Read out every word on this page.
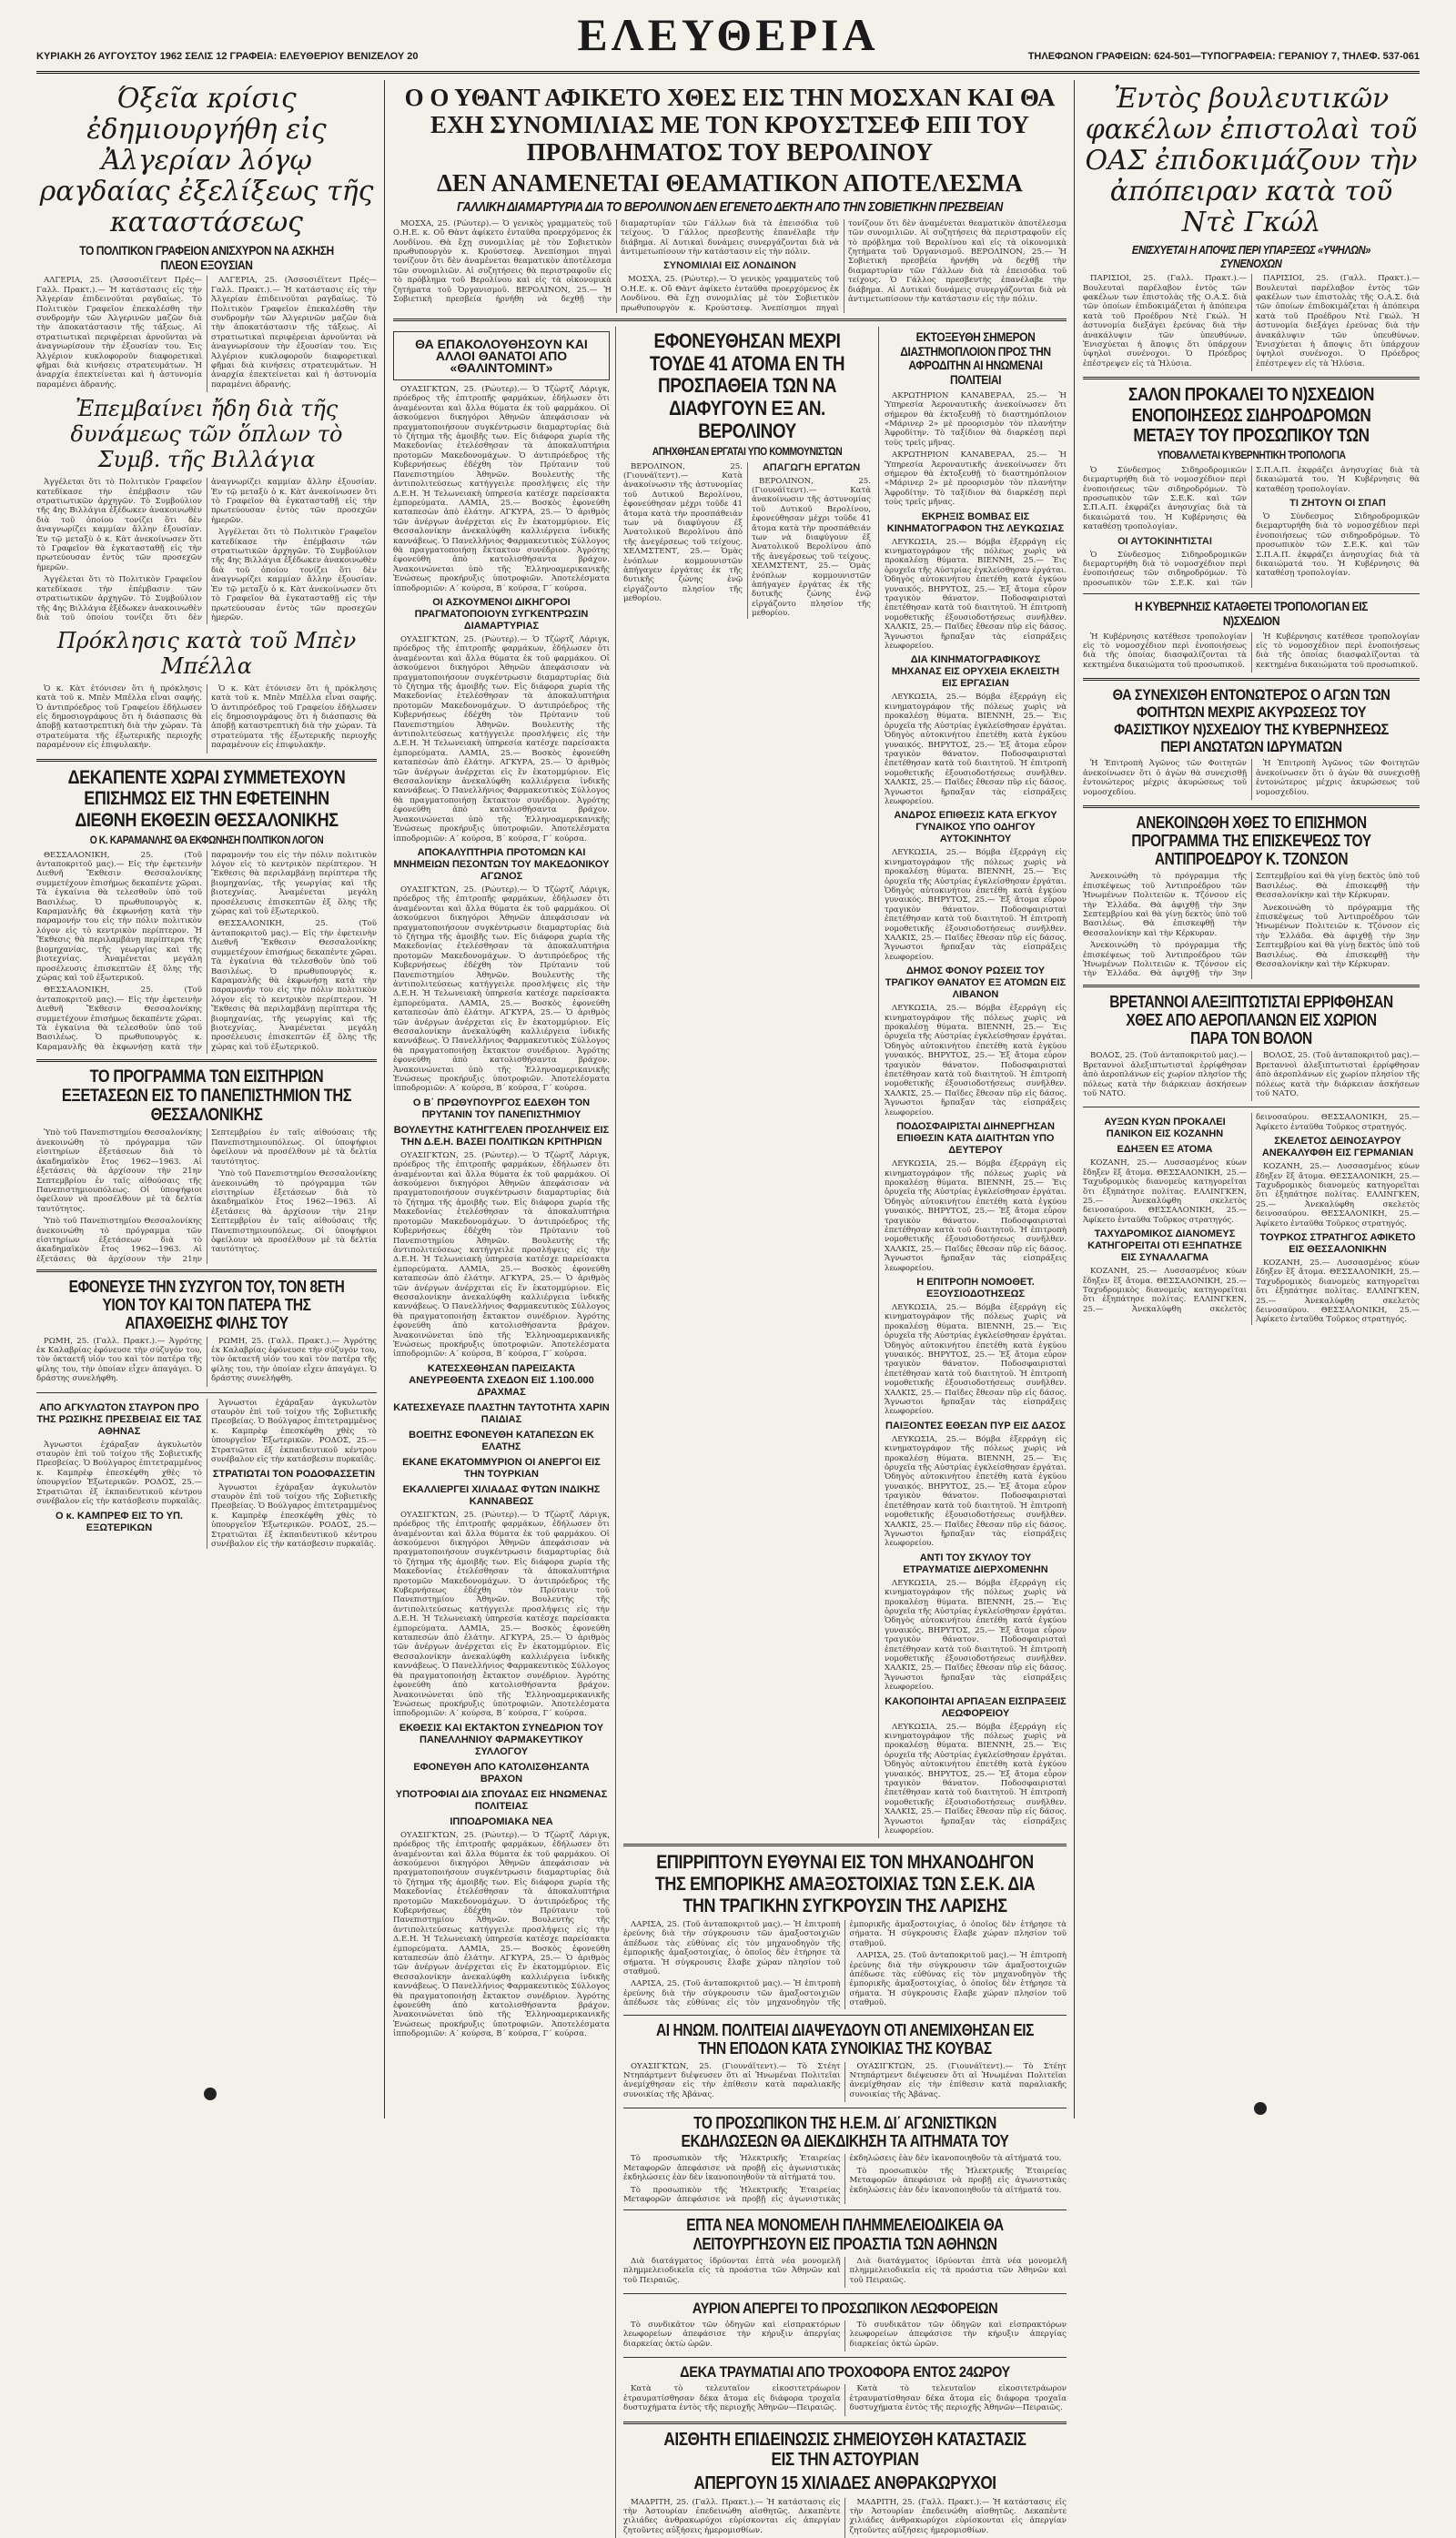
ΚΥΡΙΑΚΗ 26 ΑΥΓΟΥΣΤΟΥ 1962 ΣΕΛΙΣ 12 ΓΡΑΦΕΙΑ: ΕΛΕΥΘΕΡΙΟΥ ΒΕΝΙΖΕΛΟΥ 20	ΕΛΕΥΘΕΡΙΑ	ΤΗΛΕΦΩΝΟΝ ΓΡΑΦΕΙΩΝ: 624-501—ΤΥΠΟΓΡΑΦΕΙΑ: ΓΕΡΑΝΙΟΥ 7, ΤΗΛΕΦ. 537-061
Όξεῖα κρίσις ἐδημιουργήθη εἰς Ἀλγερίαν λόγῳ ραγδαίας ἐξελίξεως τῆς καταστάσεως
ΤΟ ΠΟΛΙΤΙΚΟΝ ΓΡΑΦΕΙΟΝ ΑΝΙΣΧΥΡΟΝ ΝΑ ΑΣΚΗΣΗ ΠΛΕΟΝ ΕΞΟΥΣΙΑΝ

ΑΛΓΕΡΙΑ, 25. (Ἀσσοσιέϊτεντ Πρές—Γαλλ. Πρακτ.).— Ἡ κατάστασις εἰς τὴν Ἀλγερίαν ἐπιδεινοῦται ραγδαίως. Τὸ Πολιτικὸν Γραφεῖον ἐπεκαλέσθη τὴν συνδρομὴν τῶν Ἀλγερινῶν μαζῶν διὰ τὴν ἀποκατάστασιν τῆς τάξεως. Αἱ στρατιωτικαὶ περιφέρειαι ἀρνοῦνται νὰ ἀναγνωρίσουν τὴν ἐξουσίαν του. Ἐις Ἀλγέριον κυκλοφοροῦν διαφορετικαὶ φῆμαι διὰ κινήσεις στρατευμάτων. Ἡ ἀναρχία ἐπεκτείνεται καὶ ἡ ἀστυνομία παραμένει ἀδρανής.

ΑΛΓΕΡΙΑ, 25. (Ἀσσοσιέϊτεντ Πρές—Γαλλ. Πρακτ.).— Ἡ κατάστασις εἰς τὴν Ἀλγερίαν ἐπιδεινοῦται ραγδαίως. Τὸ Πολιτικὸν Γραφεῖον ἐπεκαλέσθη τὴν συνδρομὴν τῶν Ἀλγερινῶν μαζῶν διὰ τὴν ἀποκατάστασιν τῆς τάξεως. Αἱ στρατιωτικαὶ περιφέρειαι ἀρνοῦνται νὰ ἀναγνωρίσουν τὴν ἐξουσίαν του. Ἐις Ἀλγέριον κυκλοφοροῦν διαφορετικαὶ φῆμαι διὰ κινήσεις στρατευμάτων. Ἡ ἀναρχία ἐπεκτείνεται καὶ ἡ ἀστυνομία παραμένει ἀδρανής.

Ἐπεμβαίνει ἤδη διὰ τῆς δυνάμεως τῶν ὅπλων τὸ Συμβ. τῆς Βιλλάγια

Ἀγγέλεται ὅτι τὸ Πολιτικὸν Γραφεῖον κατεδίκασε τὴν ἐπέμβασιν τῶν στρατιωτικῶν ἀρχηγῶν. Τὸ Συμβούλιον τῆς 4ης Βιλλάγια ἐξέδωκεν ἀνακοινωθὲν διὰ τοῦ ὁποίου τονίζει ὅτι δὲν ἀναγνωρίζει καμμίαν ἄλλην ἐξουσίαν. Ἐν τῷ μεταξὺ ὁ κ. Κὰτ ἀνεκοίνωσεν ὅτι τὸ Γραφεῖον θὰ ἐγκατασταθῇ εἰς τὴν πρωτεύουσαν ἐντὸς τῶν προσεχῶν ἡμερῶν.

Ἀγγέλεται ὅτι τὸ Πολιτικὸν Γραφεῖον κατεδίκασε τὴν ἐπέμβασιν τῶν στρατιωτικῶν ἀρχηγῶν. Τὸ Συμβούλιον τῆς 4ης Βιλλάγια ἐξέδωκεν ἀνακοινωθὲν διὰ τοῦ ὁποίου τονίζει ὅτι δὲν ἀναγνωρίζει καμμίαν ἄλλην ἐξουσίαν. Ἐν τῷ μεταξὺ ὁ κ. Κὰτ ἀνεκοίνωσεν ὅτι τὸ Γραφεῖον θὰ ἐγκατασταθῇ εἰς τὴν πρωτεύουσαν ἐντὸς τῶν προσεχῶν ἡμερῶν.

Ἀγγέλεται ὅτι τὸ Πολιτικὸν Γραφεῖον κατεδίκασε τὴν ἐπέμβασιν τῶν στρατιωτικῶν ἀρχηγῶν. Τὸ Συμβούλιον τῆς 4ης Βιλλάγια ἐξέδωκεν ἀνακοινωθὲν διὰ τοῦ ὁποίου τονίζει ὅτι δὲν ἀναγνωρίζει καμμίαν ἄλλην ἐξουσίαν. Ἐν τῷ μεταξὺ ὁ κ. Κὰτ ἀνεκοίνωσεν ὅτι τὸ Γραφεῖον θὰ ἐγκατασταθῇ εἰς τὴν πρωτεύουσαν ἐντὸς τῶν προσεχῶν ἡμερῶν.

Πρόκλησις κατὰ τοῦ Μπὲν Μπέλλα

Ὁ κ. Κὰτ ἐτόνισεν ὅτι ἡ πρόκλησις κατὰ τοῦ κ. Μπὲν Μπέλλα εἶναι σαφής. Ὁ ἀντιπρόεδρος τοῦ Γραφείου ἐδήλωσεν εἰς δημοσιογράφους ὅτι ἡ διάσπασις θὰ ἀποβῇ καταστρεπτικὴ διὰ τὴν χώραν. Τὰ στρατεύματα τῆς ἐξωτερικῆς περιοχῆς παραμένουν εἰς ἐπιφυλακήν.

Ὁ κ. Κὰτ ἐτόνισεν ὅτι ἡ πρόκλησις κατὰ τοῦ κ. Μπὲν Μπέλλα εἶναι σαφής. Ὁ ἀντιπρόεδρος τοῦ Γραφείου ἐδήλωσεν εἰς δημοσιογράφους ὅτι ἡ διάσπασις θὰ ἀποβῇ καταστρεπτικὴ διὰ τὴν χώραν. Τὰ στρατεύματα τῆς ἐξωτερικῆς περιοχῆς παραμένουν εἰς ἐπιφυλακήν.

ΔΕΚΑΠΕΝΤΕ ΧΩΡΑΙ ΣΥΜΜΕΤΕΧΟΥΝ ΕΠΙΣΗΜΩΣ ΕΙΣ ΤΗΝ ΕΦΕΤΕΙΝΗΝ ΔΙΕΘΝΗ ΕΚΘΕΣΙΝ ΘΕΣΣΑΛΟΝΙΚΗΣ
Ο Κ. ΚΑΡΑΜΑΝΛΗΣ ΘΑ ΕΚΦΩΝΗΣΗ ΠΟΛΙΤΙΚΟΝ ΛΟΓΟΝ

ΘΕΣΣΑΛΟΝΙΚΗ, 25. (Τοῦ ἀνταποκριτοῦ μας).— Εἰς τὴν ἐφετεινὴν Διεθνῆ Ἔκθεσιν Θεσσαλονίκης συμμετέχουν ἐπισήμως δεκαπέντε χῶραι. Τὰ ἐγκαίνια θὰ τελεσθοῦν ὑπὸ τοῦ Βασιλέως. Ὁ πρωθυπουργὸς κ. Καραμανλῆς θὰ ἐκφωνήσῃ κατὰ τὴν παραμονήν του εἰς τὴν πόλιν πολιτικὸν λόγον εἰς τὸ κεντρικὸν περίπτερον. Ἡ Ἔκθεσις θὰ περιλαμβάνῃ περίπτερα τῆς βιομηχανίας, τῆς γεωργίας καὶ τῆς βιοτεχνίας. Ἀναμένεται μεγάλη προσέλευσις ἐπισκεπτῶν ἐξ ὅλης τῆς χώρας καὶ τοῦ ἐξωτερικοῦ.

ΘΕΣΣΑΛΟΝΙΚΗ, 25. (Τοῦ ἀνταποκριτοῦ μας).— Εἰς τὴν ἐφετεινὴν Διεθνῆ Ἔκθεσιν Θεσσαλονίκης συμμετέχουν ἐπισήμως δεκαπέντε χῶραι. Τὰ ἐγκαίνια θὰ τελεσθοῦν ὑπὸ τοῦ Βασιλέως. Ὁ πρωθυπουργὸς κ. Καραμανλῆς θὰ ἐκφωνήσῃ κατὰ τὴν παραμονήν του εἰς τὴν πόλιν πολιτικὸν λόγον εἰς τὸ κεντρικὸν περίπτερον. Ἡ Ἔκθεσις θὰ περιλαμβάνῃ περίπτερα τῆς βιομηχανίας, τῆς γεωργίας καὶ τῆς βιοτεχνίας. Ἀναμένεται μεγάλη προσέλευσις ἐπισκεπτῶν ἐξ ὅλης τῆς χώρας καὶ τοῦ ἐξωτερικοῦ.

ΘΕΣΣΑΛΟΝΙΚΗ, 25. (Τοῦ ἀνταποκριτοῦ μας).— Εἰς τὴν ἐφετεινὴν Διεθνῆ Ἔκθεσιν Θεσσαλονίκης συμμετέχουν ἐπισήμως δεκαπέντε χῶραι. Τὰ ἐγκαίνια θὰ τελεσθοῦν ὑπὸ τοῦ Βασιλέως. Ὁ πρωθυπουργὸς κ. Καραμανλῆς θὰ ἐκφωνήσῃ κατὰ τὴν παραμονήν του εἰς τὴν πόλιν πολιτικὸν λόγον εἰς τὸ κεντρικὸν περίπτερον. Ἡ Ἔκθεσις θὰ περιλαμβάνῃ περίπτερα τῆς βιομηχανίας, τῆς γεωργίας καὶ τῆς βιοτεχνίας. Ἀναμένεται μεγάλη προσέλευσις ἐπισκεπτῶν ἐξ ὅλης τῆς χώρας καὶ τοῦ ἐξωτερικοῦ.

ΤΟ ΠΡΟΓΡΑΜΜΑ ΤΩΝ ΕΙΣΙΤΗΡΙΩΝ ΕΞΕΤΑΣΕΩΝ ΕΙΣ ΤΟ ΠΑΝΕΠΙΣΤΗΜΙΟΝ ΤΗΣ ΘΕΣΣΑΛΟΝΙΚΗΣ

Ὑπὸ τοῦ Πανεπιστημίου Θεσσαλονίκης ἀνεκοινώθη τὸ πρόγραμμα τῶν εἰσιτηρίων ἐξετάσεων διὰ τὸ ἀκαδημαϊκὸν ἔτος 1962—1963. Αἱ ἐξετάσεις θὰ ἀρχίσουν τὴν 21ην Σεπτεμβρίου ἐν ταῖς αἰθούσαις τῆς Πανεπιστημιουπόλεως. Οἱ ὑποψήφιοι ὀφείλουν νὰ προσέλθουν μὲ τὰ δελτία ταυτότητος.

Ὑπὸ τοῦ Πανεπιστημίου Θεσσαλονίκης ἀνεκοινώθη τὸ πρόγραμμα τῶν εἰσιτηρίων ἐξετάσεων διὰ τὸ ἀκαδημαϊκὸν ἔτος 1962—1963. Αἱ ἐξετάσεις θὰ ἀρχίσουν τὴν 21ην Σεπτεμβρίου ἐν ταῖς αἰθούσαις τῆς Πανεπιστημιουπόλεως. Οἱ ὑποψήφιοι ὀφείλουν νὰ προσέλθουν μὲ τὰ δελτία ταυτότητος.

Ὑπὸ τοῦ Πανεπιστημίου Θεσσαλονίκης ἀνεκοινώθη τὸ πρόγραμμα τῶν εἰσιτηρίων ἐξετάσεων διὰ τὸ ἀκαδημαϊκὸν ἔτος 1962—1963. Αἱ ἐξετάσεις θὰ ἀρχίσουν τὴν 21ην Σεπτεμβρίου ἐν ταῖς αἰθούσαις τῆς Πανεπιστημιουπόλεως. Οἱ ὑποψήφιοι ὀφείλουν νὰ προσέλθουν μὲ τὰ δελτία ταυτότητος.

ΕΦΟΝΕΥΣΕ ΤΗΝ ΣΥΖΥΓΟΝ ΤΟΥ, ΤΟΝ 8ΕΤΗ ΥΙΟΝ ΤΟΥ ΚΑΙ ΤΟΝ ΠΑΤΕΡΑ ΤΗΣ ΑΠΑΧΘΕΙΣΗΣ ΦΙΛΗΣ ΤΟΥ

ΡΩΜΗ, 25. (Γαλλ. Πρακτ.).— Ἀγρότης ἐκ Καλαβρίας ἐφόνευσε τὴν σύζυγόν του, τὸν ὀκταετῆ υἱόν του καὶ τὸν πατέρα τῆς φίλης του, τὴν ὁποίαν εἶχεν ἀπαγάγει. Ὁ δράστης συνελήφθη.

ΡΩΜΗ, 25. (Γαλλ. Πρακτ.).— Ἀγρότης ἐκ Καλαβρίας ἐφόνευσε τὴν σύζυγόν του, τὸν ὀκταετῆ υἱόν του καὶ τὸν πατέρα τῆς φίλης του, τὴν ὁποίαν εἶχεν ἀπαγάγει. Ὁ δράστης συνελήφθη.

ΑΠΟ ΑΓΚΥΛΩΤΟΝ ΣΤΑΥΡΟΝ ΠΡΟ ΤΗΣ ΡΩΣΙΚΗΣ ΠΡΕΣΒΕΙΑΣ ΕΙΣ ΤΑΣ ΑΘΗΝΑΣ

Ἀγνωστοι ἐχάραξαν ἀγκυλωτὸν σταυρὸν ἐπὶ τοῦ τοίχου τῆς Σοβιετικῆς Πρεσβείας. Ὁ Βούλγαρος ἐπιτετραμμένος κ. Καμπρὲφ ἐπεσκέφθη χθὲς τὸ ὑπουργεῖον Ἐξωτερικῶν. ΡΟΔΟΣ, 25.— Στρατιῶται ἐξ ἐκπαιδευτικοῦ κέντρου συνέβαλον εἰς τὴν κατάσβεσιν πυρκαϊᾶς.

Ο κ. ΚΑΜΠΡΕΦ ΕΙΣ ΤΟ ΥΠ. ΕΞΩΤΕΡΙΚΩΝ

Ἀγνωστοι ἐχάραξαν ἀγκυλωτὸν σταυρὸν ἐπὶ τοῦ τοίχου τῆς Σοβιετικῆς Πρεσβείας. Ὁ Βούλγαρος ἐπιτετραμμένος κ. Καμπρὲφ ἐπεσκέφθη χθὲς τὸ ὑπουργεῖον Ἐξωτερικῶν. ΡΟΔΟΣ, 25.— Στρατιῶται ἐξ ἐκπαιδευτικοῦ κέντρου συνέβαλον εἰς τὴν κατάσβεσιν πυρκαϊᾶς.

ΣΤΡΑΤΙΩΤΑΙ ΤΟΝ ΡΟΔΟΦΑΣΣΕΤΙΝ

Ἀγνωστοι ἐχάραξαν ἀγκυλωτὸν σταυρὸν ἐπὶ τοῦ τοίχου τῆς Σοβιετικῆς Πρεσβείας. Ὁ Βούλγαρος ἐπιτετραμμένος κ. Καμπρὲφ ἐπεσκέφθη χθὲς τὸ ὑπουργεῖον Ἐξωτερικῶν. ΡΟΔΟΣ, 25.— Στρατιῶται ἐξ ἐκπαιδευτικοῦ κέντρου συνέβαλον εἰς τὴν κατάσβεσιν πυρκαϊᾶς.

Ο Ο ΥΘΑΝΤ ΑΦΙΚΕΤΟ ΧΘΕΣ ΕΙΣ ΤΗΝ ΜΟΣΧΑΝ ΚΑΙ ΘΑ ΕΧΗ ΣΥΝΟΜΙΛΙΑΣ ΜΕ ΤΟΝ ΚΡΟΥΣΤΣΕΦ ΕΠΙ ΤΟΥ ΠΡΟΒΛΗΜΑΤΟΣ ΤΟΥ ΒΕΡΟΛΙΝΟΥ
ΔΕΝ ΑΝΑΜΕΝΕΤΑΙ ΘΕΑΜΑΤΙΚΟΝ ΑΠΟΤΕΛΕΣΜΑ
ΓΑΛΛΙΚΗ ΔΙΑΜΑΡΤΥΡΙΑ ΔΙΑ ΤΟ ΒΕΡΟΛΙΝΟΝ ΔΕΝ ΕΓΕΝΕΤΟ ΔΕΚΤΗ ΑΠΟ ΤΗΝ ΣΟΒΙΕΤΙΚΗΝ ΠΡΕΣΒΕΙΑΝ

ΜΟΣΧΑ, 25. (Ρώυτερ).— Ὁ γενικὸς γραμματεὺς τοῦ Ο.Η.Ε. κ. Οὔ Θὰντ ἀφίκετο ἐνταῦθα προερχόμενος ἐκ Λονδίνου. Θὰ ἔχῃ συνομιλίας μὲ τὸν Σοβιετικὸν πρωθυπουργὸν κ. Κρούστσεφ. Ἀνεπίσημοι πηγαὶ τονίζουν ὅτι δὲν ἀναμένεται θεαματικὸν ἀποτέλεσμα τῶν συνομιλιῶν. Αἱ συζητήσεις θὰ περιστραφοῦν εἰς τὸ πρόβλημα τοῦ Βερολίνου καὶ εἰς τὰ οἰκονομικὰ ζητήματα τοῦ Ὀργανισμοῦ. ΒΕΡΟΛΙΝΟΝ, 25.— Ἡ Σοβιετικὴ πρεσβεία ἠρνήθη νὰ δεχθῇ τὴν διαμαρτυρίαν τῶν Γάλλων διὰ τὰ ἐπεισόδια τοῦ τείχους. Ὁ Γάλλος πρεσβευτὴς ἐπανέλαβε τὴν διάβημα. Αἱ Δυτικαὶ δυνάμεις συνεργάζονται διὰ νὰ ἀντιμετωπίσουν τὴν κατάστασιν εἰς τὴν πόλιν.

ΣΥΝΟΜΙΛΙΑΙ ΕΙΣ ΛΟΝΔΙΝΟΝ

ΜΟΣΧΑ, 25. (Ρώυτερ).— Ὁ γενικὸς γραμματεὺς τοῦ Ο.Η.Ε. κ. Οὔ Θὰντ ἀφίκετο ἐνταῦθα προερχόμενος ἐκ Λονδίνου. Θὰ ἔχῃ συνομιλίας μὲ τὸν Σοβιετικὸν πρωθυπουργὸν κ. Κρούστσεφ. Ἀνεπίσημοι πηγαὶ τονίζουν ὅτι δὲν ἀναμένεται θεαματικὸν ἀποτέλεσμα τῶν συνομιλιῶν. Αἱ συζητήσεις θὰ περιστραφοῦν εἰς τὸ πρόβλημα τοῦ Βερολίνου καὶ εἰς τὰ οἰκονομικὰ ζητήματα τοῦ Ὀργανισμοῦ. ΒΕΡΟΛΙΝΟΝ, 25.— Ἡ Σοβιετικὴ πρεσβεία ἠρνήθη νὰ δεχθῇ τὴν διαμαρτυρίαν τῶν Γάλλων διὰ τὰ ἐπεισόδια τοῦ τείχους. Ὁ Γάλλος πρεσβευτὴς ἐπανέλαβε τὴν διάβημα. Αἱ Δυτικαὶ δυνάμεις συνεργάζονται διὰ νὰ ἀντιμετωπίσουν τὴν κατάστασιν εἰς τὴν πόλιν.

ΘΑ ΕΠΑΚΟΛΟΥΘΗΣΟΥΝ ΚΑΙ ΑΛΛΟΙ ΘΑΝΑΤΟΙ ΑΠΟ «ΘΑΛΙΝΤΟΜΙΝΤ»

ΟΥΑΣΙΓΚΤΩΝ, 25. (Ρώυτερ).— Ὁ Τζὼρτζ Λάριγκ, πρόεδρος τῆς ἐπιτροπῆς φαρμάκων, ἐδήλωσεν ὅτι ἀναμένονται καὶ ἄλλα θύματα ἐκ τοῦ φαρμάκου. Οἱ ἀσκούμενοι δικηγόροι Ἀθηνῶν ἀπεφάσισαν νὰ πραγματοποιήσουν συγκέντρωσιν διαμαρτυρίας διὰ τὸ ζήτημα τῆς ἀμοιβῆς των. Εἰς διάφορα χωρία τῆς Μακεδονίας ἐτελέσθησαν τὰ ἀποκαλυπτήρια προτομῶν Μακεδονομάχων. Ὁ ἀντιπρόεδρος τῆς Κυβερνήσεως ἐδέχθη τὸν Πρύτανιν τοῦ Πανεπιστημίου Ἀθηνῶν. Βουλευτὴς τῆς ἀντιπολιτεύσεως κατήγγειλε προσλήψεις εἰς τὴν Δ.Ε.Η. Ἡ Τελωνειακὴ ὑπηρεσία κατέσχε παρείσακτα ἐμπορεύματα. ΛΑΜΙΑ, 25.— Βοσκὸς ἐφονεύθη καταπεσὼν ἀπὸ ἐλάτην. ΑΓΚΥΡΑ, 25.— Ὁ ἀριθμὸς τῶν ἀνέργων ἀνέρχεται εἰς ἓν ἑκατομμύριον. Εἰς Θεσσαλονίκην ἀνεκαλύφθη καλλιέργεια ἰνδικῆς καννάβεως. Ὁ Πανελλήνιος Φαρμακευτικὸς Σύλλογος θὰ πραγματοποιήσῃ ἔκτακτον συνέδριον. Ἀγρότης ἐφονεύθη ἀπὸ κατολισθήσαντα βράχον. Ἀνακοινώνεται ὑπὸ τῆς Ἑλληνοαμερικανικῆς Ἐνώσεως προκήρυξις ὑποτροφιῶν. Ἀποτελέσματα ἱπποδρομιῶν: Α΄ κούρσα, Β΄ κούρσα, Γ΄ κούρσα.

ΟΙ ΑΣΚΟΥΜΕΝΟΙ ΔΙΚΗΓΟΡΟΙ ΠΡΑΓΜΑΤΟΠΟΙΟΥΝ ΣΥΓΚΕΝΤΡΩΣΙΝ ΔΙΑΜΑΡΤΥΡΙΑΣ

ΟΥΑΣΙΓΚΤΩΝ, 25. (Ρώυτερ).— Ὁ Τζὼρτζ Λάριγκ, πρόεδρος τῆς ἐπιτροπῆς φαρμάκων, ἐδήλωσεν ὅτι ἀναμένονται καὶ ἄλλα θύματα ἐκ τοῦ φαρμάκου. Οἱ ἀσκούμενοι δικηγόροι Ἀθηνῶν ἀπεφάσισαν νὰ πραγματοποιήσουν συγκέντρωσιν διαμαρτυρίας διὰ τὸ ζήτημα τῆς ἀμοιβῆς των. Εἰς διάφορα χωρία τῆς Μακεδονίας ἐτελέσθησαν τὰ ἀποκαλυπτήρια προτομῶν Μακεδονομάχων. Ὁ ἀντιπρόεδρος τῆς Κυβερνήσεως ἐδέχθη τὸν Πρύτανιν τοῦ Πανεπιστημίου Ἀθηνῶν. Βουλευτὴς τῆς ἀντιπολιτεύσεως κατήγγειλε προσλήψεις εἰς τὴν Δ.Ε.Η. Ἡ Τελωνειακὴ ὑπηρεσία κατέσχε παρείσακτα ἐμπορεύματα. ΛΑΜΙΑ, 25.— Βοσκὸς ἐφονεύθη καταπεσὼν ἀπὸ ἐλάτην. ΑΓΚΥΡΑ, 25.— Ὁ ἀριθμὸς τῶν ἀνέργων ἀνέρχεται εἰς ἓν ἑκατομμύριον. Εἰς Θεσσαλονίκην ἀνεκαλύφθη καλλιέργεια ἰνδικῆς καννάβεως. Ὁ Πανελλήνιος Φαρμακευτικὸς Σύλλογος θὰ πραγματοποιήσῃ ἔκτακτον συνέδριον. Ἀγρότης ἐφονεύθη ἀπὸ κατολισθήσαντα βράχον. Ἀνακοινώνεται ὑπὸ τῆς Ἑλληνοαμερικανικῆς Ἐνώσεως προκήρυξις ὑποτροφιῶν. Ἀποτελέσματα ἱπποδρομιῶν: Α΄ κούρσα, Β΄ κούρσα, Γ΄ κούρσα.

ΑΠΟΚΑΛΥΠΤΗΡΙΑ ΠΡΟΤΟΜΩΝ ΚΑΙ ΜΝΗΜΕΙΩΝ ΠΕΣΟΝΤΩΝ ΤΟΥ ΜΑΚΕΔΟΝΙΚΟΥ ΑΓΩΝΟΣ

ΟΥΑΣΙΓΚΤΩΝ, 25. (Ρώυτερ).— Ὁ Τζὼρτζ Λάριγκ, πρόεδρος τῆς ἐπιτροπῆς φαρμάκων, ἐδήλωσεν ὅτι ἀναμένονται καὶ ἄλλα θύματα ἐκ τοῦ φαρμάκου. Οἱ ἀσκούμενοι δικηγόροι Ἀθηνῶν ἀπεφάσισαν νὰ πραγματοποιήσουν συγκέντρωσιν διαμαρτυρίας διὰ τὸ ζήτημα τῆς ἀμοιβῆς των. Εἰς διάφορα χωρία τῆς Μακεδονίας ἐτελέσθησαν τὰ ἀποκαλυπτήρια προτομῶν Μακεδονομάχων. Ὁ ἀντιπρόεδρος τῆς Κυβερνήσεως ἐδέχθη τὸν Πρύτανιν τοῦ Πανεπιστημίου Ἀθηνῶν. Βουλευτὴς τῆς ἀντιπολιτεύσεως κατήγγειλε προσλήψεις εἰς τὴν Δ.Ε.Η. Ἡ Τελωνειακὴ ὑπηρεσία κατέσχε παρείσακτα ἐμπορεύματα. ΛΑΜΙΑ, 25.— Βοσκὸς ἐφονεύθη καταπεσὼν ἀπὸ ἐλάτην. ΑΓΚΥΡΑ, 25.— Ὁ ἀριθμὸς τῶν ἀνέργων ἀνέρχεται εἰς ἓν ἑκατομμύριον. Εἰς Θεσσαλονίκην ἀνεκαλύφθη καλλιέργεια ἰνδικῆς καννάβεως. Ὁ Πανελλήνιος Φαρμακευτικὸς Σύλλογος θὰ πραγματοποιήσῃ ἔκτακτον συνέδριον. Ἀγρότης ἐφονεύθη ἀπὸ κατολισθήσαντα βράχον. Ἀνακοινώνεται ὑπὸ τῆς Ἑλληνοαμερικανικῆς Ἐνώσεως προκήρυξις ὑποτροφιῶν. Ἀποτελέσματα ἱπποδρομιῶν: Α΄ κούρσα, Β΄ κούρσα, Γ΄ κούρσα.

Ο Β΄ ΠΡΩΘΥΠΟΥΡΓΟΣ ΕΔΕΧΘΗ ΤΟΝ ΠΡΥΤΑΝΙΝ ΤΟΥ ΠΑΝΕΠΙΣΤΗΜΙΟΥ
ΒΟΥΛΕΥΤΗΣ ΚΑΤΗΓΓΕΛΕΝ ΠΡΟΣΛΗΨΕΙΣ ΕΙΣ ΤΗΝ Δ.Ε.Η. ΒΑΣΕΙ ΠΟΛΙΤΙΚΩΝ ΚΡΙΤΗΡΙΩΝ

ΟΥΑΣΙΓΚΤΩΝ, 25. (Ρώυτερ).— Ὁ Τζὼρτζ Λάριγκ, πρόεδρος τῆς ἐπιτροπῆς φαρμάκων, ἐδήλωσεν ὅτι ἀναμένονται καὶ ἄλλα θύματα ἐκ τοῦ φαρμάκου. Οἱ ἀσκούμενοι δικηγόροι Ἀθηνῶν ἀπεφάσισαν νὰ πραγματοποιήσουν συγκέντρωσιν διαμαρτυρίας διὰ τὸ ζήτημα τῆς ἀμοιβῆς των. Εἰς διάφορα χωρία τῆς Μακεδονίας ἐτελέσθησαν τὰ ἀποκαλυπτήρια προτομῶν Μακεδονομάχων. Ὁ ἀντιπρόεδρος τῆς Κυβερνήσεως ἐδέχθη τὸν Πρύτανιν τοῦ Πανεπιστημίου Ἀθηνῶν. Βουλευτὴς τῆς ἀντιπολιτεύσεως κατήγγειλε προσλήψεις εἰς τὴν Δ.Ε.Η. Ἡ Τελωνειακὴ ὑπηρεσία κατέσχε παρείσακτα ἐμπορεύματα. ΛΑΜΙΑ, 25.— Βοσκὸς ἐφονεύθη καταπεσὼν ἀπὸ ἐλάτην. ΑΓΚΥΡΑ, 25.— Ὁ ἀριθμὸς τῶν ἀνέργων ἀνέρχεται εἰς ἓν ἑκατομμύριον. Εἰς Θεσσαλονίκην ἀνεκαλύφθη καλλιέργεια ἰνδικῆς καννάβεως. Ὁ Πανελλήνιος Φαρμακευτικὸς Σύλλογος θὰ πραγματοποιήσῃ ἔκτακτον συνέδριον. Ἀγρότης ἐφονεύθη ἀπὸ κατολισθήσαντα βράχον. Ἀνακοινώνεται ὑπὸ τῆς Ἑλληνοαμερικανικῆς Ἐνώσεως προκήρυξις ὑποτροφιῶν. Ἀποτελέσματα ἱπποδρομιῶν: Α΄ κούρσα, Β΄ κούρσα, Γ΄ κούρσα.

ΚΑΤΕΣΧΕΘΗΣΑΝ ΠΑΡΕΙΣΑΚΤΑ ΑΝΕΥΡΕΘΕΝΤΑ ΣΧΕΔΟΝ ΕΙΣ 1.100.000 ΔΡΑΧΜΑΣ
ΚΑΤΕΣΧΕΥΑΣΕ ΠΛΑΣΤΗΝ ΤΑΥΤΟΤΗΤΑ ΧΑΡΙΝ ΠΑΙΔΙΑΣ
ΒΟΕΙΤΗΣ ΕΦΟΝΕΥΘΗ ΚΑΤΑΠΕΣΩΝ ΕΚ ΕΛΑΤΗΣ
ΕΚΑΝΕ ΕΚΑΤΟΜΜΥΡΙΟΝ ΟΙ ΑΝΕΡΓΟΙ ΕΙΣ ΤΗΝ ΤΟΥΡΚΙΑΝ
ΕΚΑΛΛΙΕΡΓΕΙ ΧΙΛΙΑΔΑΣ ΦΥΤΩΝ ΙΝΔΙΚΗΣ ΚΑΝΝΑΒΕΩΣ

ΟΥΑΣΙΓΚΤΩΝ, 25. (Ρώυτερ).— Ὁ Τζὼρτζ Λάριγκ, πρόεδρος τῆς ἐπιτροπῆς φαρμάκων, ἐδήλωσεν ὅτι ἀναμένονται καὶ ἄλλα θύματα ἐκ τοῦ φαρμάκου. Οἱ ἀσκούμενοι δικηγόροι Ἀθηνῶν ἀπεφάσισαν νὰ πραγματοποιήσουν συγκέντρωσιν διαμαρτυρίας διὰ τὸ ζήτημα τῆς ἀμοιβῆς των. Εἰς διάφορα χωρία τῆς Μακεδονίας ἐτελέσθησαν τὰ ἀποκαλυπτήρια προτομῶν Μακεδονομάχων. Ὁ ἀντιπρόεδρος τῆς Κυβερνήσεως ἐδέχθη τὸν Πρύτανιν τοῦ Πανεπιστημίου Ἀθηνῶν. Βουλευτὴς τῆς ἀντιπολιτεύσεως κατήγγειλε προσλήψεις εἰς τὴν Δ.Ε.Η. Ἡ Τελωνειακὴ ὑπηρεσία κατέσχε παρείσακτα ἐμπορεύματα. ΛΑΜΙΑ, 25.— Βοσκὸς ἐφονεύθη καταπεσὼν ἀπὸ ἐλάτην. ΑΓΚΥΡΑ, 25.— Ὁ ἀριθμὸς τῶν ἀνέργων ἀνέρχεται εἰς ἓν ἑκατομμύριον. Εἰς Θεσσαλονίκην ἀνεκαλύφθη καλλιέργεια ἰνδικῆς καννάβεως. Ὁ Πανελλήνιος Φαρμακευτικὸς Σύλλογος θὰ πραγματοποιήσῃ ἔκτακτον συνέδριον. Ἀγρότης ἐφονεύθη ἀπὸ κατολισθήσαντα βράχον. Ἀνακοινώνεται ὑπὸ τῆς Ἑλληνοαμερικανικῆς Ἐνώσεως προκήρυξις ὑποτροφιῶν. Ἀποτελέσματα ἱπποδρομιῶν: Α΄ κούρσα, Β΄ κούρσα, Γ΄ κούρσα.

ΕΚΘΕΣΙΣ ΚΑΙ ΕΚΤΑΚΤΟΝ ΣΥΝΕΔΡΙΟΝ ΤΟΥ ΠΑΝΕΛΛΗΝΙΟΥ ΦΑΡΜΑΚΕΥΤΙΚΟΥ ΣΥΛΛΟΓΟΥ
ΕΦΟΝΕΥΘΗ ΑΠΟ ΚΑΤΟΛΙΣΘΗΣΑΝΤΑ ΒΡΑΧΟΝ
ΥΠΟΤΡΟΦΙΑΙ ΔΙΑ ΣΠΟΥΔΑΣ ΕΙΣ ΗΝΩΜΕΝΑΣ ΠΟΛΙΤΕΙΑΣ
ΙΠΠΟΔΡΟΜΙΑΚΑ ΝΕΑ

ΟΥΑΣΙΓΚΤΩΝ, 25. (Ρώυτερ).— Ὁ Τζὼρτζ Λάριγκ, πρόεδρος τῆς ἐπιτροπῆς φαρμάκων, ἐδήλωσεν ὅτι ἀναμένονται καὶ ἄλλα θύματα ἐκ τοῦ φαρμάκου. Οἱ ἀσκούμενοι δικηγόροι Ἀθηνῶν ἀπεφάσισαν νὰ πραγματοποιήσουν συγκέντρωσιν διαμαρτυρίας διὰ τὸ ζήτημα τῆς ἀμοιβῆς των. Εἰς διάφορα χωρία τῆς Μακεδονίας ἐτελέσθησαν τὰ ἀποκαλυπτήρια προτομῶν Μακεδονομάχων. Ὁ ἀντιπρόεδρος τῆς Κυβερνήσεως ἐδέχθη τὸν Πρύτανιν τοῦ Πανεπιστημίου Ἀθηνῶν. Βουλευτὴς τῆς ἀντιπολιτεύσεως κατήγγειλε προσλήψεις εἰς τὴν Δ.Ε.Η. Ἡ Τελωνειακὴ ὑπηρεσία κατέσχε παρείσακτα ἐμπορεύματα. ΛΑΜΙΑ, 25.— Βοσκὸς ἐφονεύθη καταπεσὼν ἀπὸ ἐλάτην. ΑΓΚΥΡΑ, 25.— Ὁ ἀριθμὸς τῶν ἀνέργων ἀνέρχεται εἰς ἓν ἑκατομμύριον. Εἰς Θεσσαλονίκην ἀνεκαλύφθη καλλιέργεια ἰνδικῆς καννάβεως. Ὁ Πανελλήνιος Φαρμακευτικὸς Σύλλογος θὰ πραγματοποιήσῃ ἔκτακτον συνέδριον. Ἀγρότης ἐφονεύθη ἀπὸ κατολισθήσαντα βράχον. Ἀνακοινώνεται ὑπὸ τῆς Ἑλληνοαμερικανικῆς Ἐνώσεως προκήρυξις ὑποτροφιῶν. Ἀποτελέσματα ἱπποδρομιῶν: Α΄ κούρσα, Β΄ κούρσα, Γ΄ κούρσα.

ΕΦΟΝΕΥΘΗΣΑΝ ΜΕΧΡΙ ΤΟΥΔΕ 41 ΑΤΟΜΑ ΕΝ ΤΗ ΠΡΟΣΠΑΘΕΙΑ ΤΩΝ ΝΑ ΔΙΑΦΥΓΟΥΝ ΕΞ ΑΝ. ΒΕΡΟΛΙΝΟΥ
ΑΠΗΧΘΗΣΑΝ ΕΡΓΑΤΑΙ ΥΠΟ ΚΟΜΜΟΥΝΙΣΤΩΝ

ΒΕΡΟΛΙΝΟΝ, 25. (Γιουνάϊτεντ).— Κατὰ ἀνακοίνωσιν τῆς ἀστυνομίας τοῦ Δυτικοῦ Βερολίνου, ἐφονεύθησαν μέχρι τοῦδε 41 ἄτομα κατὰ τὴν προσπάθειάν των νὰ διαφύγουν ἐξ Ἀνατολικοῦ Βερολίνου ἀπὸ τῆς ἀνεγέρσεως τοῦ τείχους. ΧΕΛΜΣΤΕΝΤ, 25.— Ὁμὰς ἐνόπλων κομμουνιστῶν ἀπήγαγεν ἐργάτας ἐκ τῆς δυτικῆς ζώνης ἐνῷ εἰργάζοντο πλησίον τῆς μεθορίου.

ΑΠΑΓΩΓΗ ΕΡΓΑΤΩΝ

ΒΕΡΟΛΙΝΟΝ, 25. (Γιουνάϊτεντ).— Κατὰ ἀνακοίνωσιν τῆς ἀστυνομίας τοῦ Δυτικοῦ Βερολίνου, ἐφονεύθησαν μέχρι τοῦδε 41 ἄτομα κατὰ τὴν προσπάθειάν των νὰ διαφύγουν ἐξ Ἀνατολικοῦ Βερολίνου ἀπὸ τῆς ἀνεγέρσεως τοῦ τείχους. ΧΕΛΜΣΤΕΝΤ, 25.— Ὁμὰς ἐνόπλων κομμουνιστῶν ἀπήγαγεν ἐργάτας ἐκ τῆς δυτικῆς ζώνης ἐνῷ εἰργάζοντο πλησίον τῆς μεθορίου.

ΕΚΤΟΞΕΥΘΗ ΣΗΜΕΡΟΝ ΔΙΑΣΤΗΜΟΠΛΟΙΟΝ ΠΡΟΣ ΤΗΝ ΑΦΡΟΔΙΤΗΝ ΑΙ ΗΝΩΜΕΝΑΙ ΠΟΛΙΤΕΙΑΙ

ΑΚΡΩΤΗΡΙΟΝ ΚΑΝΑΒΕΡΑΛ, 25.— Ἡ Ὑπηρεσία Ἀεροναυτικῆς ἀνεκοίνωσεν ὅτι σήμερον θὰ ἐκτοξευθῇ τὸ διαστημόπλοιον «Μάρινερ 2» μὲ προορισμὸν τὸν πλανήτην Ἀφροδίτην. Τὸ ταξίδιον θὰ διαρκέσῃ περὶ τοὺς τρεῖς μῆνας.

ΑΚΡΩΤΗΡΙΟΝ ΚΑΝΑΒΕΡΑΛ, 25.— Ἡ Ὑπηρεσία Ἀεροναυτικῆς ἀνεκοίνωσεν ὅτι σήμερον θὰ ἐκτοξευθῇ τὸ διαστημόπλοιον «Μάρινερ 2» μὲ προορισμὸν τὸν πλανήτην Ἀφροδίτην. Τὸ ταξίδιον θὰ διαρκέσῃ περὶ τοὺς τρεῖς μῆνας.

ΕΚΡΗΞΙΣ ΒΟΜΒΑΣ ΕΙΣ ΚΙΝΗΜΑΤΟΓΡΑΦΟΝ ΤΗΣ ΛΕΥΚΩΣΙΑΣ

ΛΕΥΚΩΣΙΑ, 25.— Βόμβα ἐξερράγη εἰς κινηματογράφον τῆς πόλεως χωρὶς νὰ προκαλέσῃ θύματα. ΒΙΕΝΝΗ, 25.— Ἐις ὀρυχεῖα τῆς Αὐστρίας ἐγκλείσθησαν ἐργάται. Ὁδηγὸς αὐτοκινήτου ἐπετέθη κατὰ ἐγκύου γυναικός. ΒΗΡΥΤΟΣ, 25.— Ἐξ ἄτομα εὗρον τραγικὸν θάνατον. Ποδοσφαιρισταὶ ἐπετέθησαν κατὰ τοῦ διαιτητοῦ. Ἡ ἐπιτροπὴ νομοθετικῆς ἐξουσιοδοτήσεως συνῆλθεν. ΧΑΛΚΙΣ, 25.— Παῖδες ἔθεσαν πῦρ εἰς δάσος. Ἄγνωστοι ἥρπαξαν τὰς εἰσπράξεις λεωφορείου.

ΔΙΑ ΚΙΝΗΜΑΤΟΓΡΑΦΙΚΟΥΣ ΜΗΧΑΝΑΣ ΕΙΣ ΟΡΥΧΕΙΑ ΕΚΛΕΙΣΤΗ ΕΙΣ ΕΡΓΑΣΙΑΝ

ΛΕΥΚΩΣΙΑ, 25.— Βόμβα ἐξερράγη εἰς κινηματογράφον τῆς πόλεως χωρὶς νὰ προκαλέσῃ θύματα. ΒΙΕΝΝΗ, 25.— Ἐις ὀρυχεῖα τῆς Αὐστρίας ἐγκλείσθησαν ἐργάται. Ὁδηγὸς αὐτοκινήτου ἐπετέθη κατὰ ἐγκύου γυναικός. ΒΗΡΥΤΟΣ, 25.— Ἐξ ἄτομα εὗρον τραγικὸν θάνατον. Ποδοσφαιρισταὶ ἐπετέθησαν κατὰ τοῦ διαιτητοῦ. Ἡ ἐπιτροπὴ νομοθετικῆς ἐξουσιοδοτήσεως συνῆλθεν. ΧΑΛΚΙΣ, 25.— Παῖδες ἔθεσαν πῦρ εἰς δάσος. Ἄγνωστοι ἥρπαξαν τὰς εἰσπράξεις λεωφορείου.

ΑΝΔΡΟΣ ΕΠΙΘΕΣΙΣ ΚΑΤΑ ΕΓΚΥΟΥ ΓΥΝΑΙΚΟΣ ΥΠΟ ΟΔΗΓΟΥ ΑΥΤΟΚΙΝΗΤΟΥ

ΛΕΥΚΩΣΙΑ, 25.— Βόμβα ἐξερράγη εἰς κινηματογράφον τῆς πόλεως χωρὶς νὰ προκαλέσῃ θύματα. ΒΙΕΝΝΗ, 25.— Ἐις ὀρυχεῖα τῆς Αὐστρίας ἐγκλείσθησαν ἐργάται. Ὁδηγὸς αὐτοκινήτου ἐπετέθη κατὰ ἐγκύου γυναικός. ΒΗΡΥΤΟΣ, 25.— Ἐξ ἄτομα εὗρον τραγικὸν θάνατον. Ποδοσφαιρισταὶ ἐπετέθησαν κατὰ τοῦ διαιτητοῦ. Ἡ ἐπιτροπὴ νομοθετικῆς ἐξουσιοδοτήσεως συνῆλθεν. ΧΑΛΚΙΣ, 25.— Παῖδες ἔθεσαν πῦρ εἰς δάσος. Ἄγνωστοι ἥρπαξαν τὰς εἰσπράξεις λεωφορείου.

ΔΗΜΟΣ ΦΟΝΟΥ ΡΩΣΕΙΣ ΤΟΥ ΤΡΑΓΙΚΟΥ ΘΑΝΑΤΟΥ ΕΞ ΑΤΟΜΩΝ ΕΙΣ ΛΙΒΑΝΟΝ

ΛΕΥΚΩΣΙΑ, 25.— Βόμβα ἐξερράγη εἰς κινηματογράφον τῆς πόλεως χωρὶς νὰ προκαλέσῃ θύματα. ΒΙΕΝΝΗ, 25.— Ἐις ὀρυχεῖα τῆς Αὐστρίας ἐγκλείσθησαν ἐργάται. Ὁδηγὸς αὐτοκινήτου ἐπετέθη κατὰ ἐγκύου γυναικός. ΒΗΡΥΤΟΣ, 25.— Ἐξ ἄτομα εὗρον τραγικὸν θάνατον. Ποδοσφαιρισταὶ ἐπετέθησαν κατὰ τοῦ διαιτητοῦ. Ἡ ἐπιτροπὴ νομοθετικῆς ἐξουσιοδοτήσεως συνῆλθεν. ΧΑΛΚΙΣ, 25.— Παῖδες ἔθεσαν πῦρ εἰς δάσος. Ἄγνωστοι ἥρπαξαν τὰς εἰσπράξεις λεωφορείου.

ΠΟΔΟΣΦΑΙΡΙΣΤΑΙ ΔΙΗΝΕΡΓΗΣΑΝ ΕΠΙΘΕΣΙΝ ΚΑΤΑ ΔΙΑΙΤΗΤΩΝ ΥΠΟ ΔΕΥΤΕΡΟΥ

ΛΕΥΚΩΣΙΑ, 25.— Βόμβα ἐξερράγη εἰς κινηματογράφον τῆς πόλεως χωρὶς νὰ προκαλέσῃ θύματα. ΒΙΕΝΝΗ, 25.— Ἐις ὀρυχεῖα τῆς Αὐστρίας ἐγκλείσθησαν ἐργάται. Ὁδηγὸς αὐτοκινήτου ἐπετέθη κατὰ ἐγκύου γυναικός. ΒΗΡΥΤΟΣ, 25.— Ἐξ ἄτομα εὗρον τραγικὸν θάνατον. Ποδοσφαιρισταὶ ἐπετέθησαν κατὰ τοῦ διαιτητοῦ. Ἡ ἐπιτροπὴ νομοθετικῆς ἐξουσιοδοτήσεως συνῆλθεν. ΧΑΛΚΙΣ, 25.— Παῖδες ἔθεσαν πῦρ εἰς δάσος. Ἄγνωστοι ἥρπαξαν τὰς εἰσπράξεις λεωφορείου.

Η ΕΠΙΤΡΟΠΗ ΝΟΜΟΘΕΤ. ΕΞΟΥΣΙΟΔΟΤΗΣΕΩΣ

ΛΕΥΚΩΣΙΑ, 25.— Βόμβα ἐξερράγη εἰς κινηματογράφον τῆς πόλεως χωρὶς νὰ προκαλέσῃ θύματα. ΒΙΕΝΝΗ, 25.— Ἐις ὀρυχεῖα τῆς Αὐστρίας ἐγκλείσθησαν ἐργάται. Ὁδηγὸς αὐτοκινήτου ἐπετέθη κατὰ ἐγκύου γυναικός. ΒΗΡΥΤΟΣ, 25.— Ἐξ ἄτομα εὗρον τραγικὸν θάνατον. Ποδοσφαιρισταὶ ἐπετέθησαν κατὰ τοῦ διαιτητοῦ. Ἡ ἐπιτροπὴ νομοθετικῆς ἐξουσιοδοτήσεως συνῆλθεν. ΧΑΛΚΙΣ, 25.— Παῖδες ἔθεσαν πῦρ εἰς δάσος. Ἄγνωστοι ἥρπαξαν τὰς εἰσπράξεις λεωφορείου.

ΠΑΙΞΟΝΤΕΣ ΕΘΕΣΑΝ ΠΥΡ ΕΙΣ ΔΑΣΟΣ

ΛΕΥΚΩΣΙΑ, 25.— Βόμβα ἐξερράγη εἰς κινηματογράφον τῆς πόλεως χωρὶς νὰ προκαλέσῃ θύματα. ΒΙΕΝΝΗ, 25.— Ἐις ὀρυχεῖα τῆς Αὐστρίας ἐγκλείσθησαν ἐργάται. Ὁδηγὸς αὐτοκινήτου ἐπετέθη κατὰ ἐγκύου γυναικός. ΒΗΡΥΤΟΣ, 25.— Ἐξ ἄτομα εὗρον τραγικὸν θάνατον. Ποδοσφαιρισταὶ ἐπετέθησαν κατὰ τοῦ διαιτητοῦ. Ἡ ἐπιτροπὴ νομοθετικῆς ἐξουσιοδοτήσεως συνῆλθεν. ΧΑΛΚΙΣ, 25.— Παῖδες ἔθεσαν πῦρ εἰς δάσος. Ἄγνωστοι ἥρπαξαν τὰς εἰσπράξεις λεωφορείου.

ΑΝΤΙ ΤΟΥ ΣΚΥΛΟΥ ΤΟΥ ΕΤΡΑΥΜΑΤΙΣΕ ΔΙΕΡΧΟΜΕΝΗΝ

ΛΕΥΚΩΣΙΑ, 25.— Βόμβα ἐξερράγη εἰς κινηματογράφον τῆς πόλεως χωρὶς νὰ προκαλέσῃ θύματα. ΒΙΕΝΝΗ, 25.— Ἐις ὀρυχεῖα τῆς Αὐστρίας ἐγκλείσθησαν ἐργάται. Ὁδηγὸς αὐτοκινήτου ἐπετέθη κατὰ ἐγκύου γυναικός. ΒΗΡΥΤΟΣ, 25.— Ἐξ ἄτομα εὗρον τραγικὸν θάνατον. Ποδοσφαιρισταὶ ἐπετέθησαν κατὰ τοῦ διαιτητοῦ. Ἡ ἐπιτροπὴ νομοθετικῆς ἐξουσιοδοτήσεως συνῆλθεν. ΧΑΛΚΙΣ, 25.— Παῖδες ἔθεσαν πῦρ εἰς δάσος. Ἄγνωστοι ἥρπαξαν τὰς εἰσπράξεις λεωφορείου.

ΚΑΚΟΠΟΙΗΤΑΙ ΑΡΠΑΞΑΝ ΕΙΣΠΡΑΞΕΙΣ ΛΕΩΦΟΡΕΙΟΥ

ΛΕΥΚΩΣΙΑ, 25.— Βόμβα ἐξερράγη εἰς κινηματογράφον τῆς πόλεως χωρὶς νὰ προκαλέσῃ θύματα. ΒΙΕΝΝΗ, 25.— Ἐις ὀρυχεῖα τῆς Αὐστρίας ἐγκλείσθησαν ἐργάται. Ὁδηγὸς αὐτοκινήτου ἐπετέθη κατὰ ἐγκύου γυναικός. ΒΗΡΥΤΟΣ, 25.— Ἐξ ἄτομα εὗρον τραγικὸν θάνατον. Ποδοσφαιρισταὶ ἐπετέθησαν κατὰ τοῦ διαιτητοῦ. Ἡ ἐπιτροπὴ νομοθετικῆς ἐξουσιοδοτήσεως συνῆλθεν. ΧΑΛΚΙΣ, 25.— Παῖδες ἔθεσαν πῦρ εἰς δάσος. Ἄγνωστοι ἥρπαξαν τὰς εἰσπράξεις λεωφορείου.

ΕΠΙΡΡΙΠΤΟΥΝ ΕΥΘΥΝΑΙ ΕΙΣ ΤΟΝ ΜΗΧΑΝΟΔΗΓΟΝ ΤΗΣ ΕΜΠΟΡΙΚΗΣ ΑΜΑΞΟΣΤΟΙΧΙΑΣ ΤΩΝ Σ.Ε.Κ. ΔΙΑ ΤΗΝ ΤΡΑΓΙΚΗΝ ΣΥΓΚΡΟΥΣΙΝ ΤΗΣ ΛΑΡΙΣΗΣ

ΛΑΡΙΣΑ, 25. (Τοῦ ἀνταποκριτοῦ μας).— Ἡ ἐπιτροπὴ ἐρεύνης διὰ τὴν σύγκρουσιν τῶν ἀμαξοστοιχιῶν ἀπέδωσε τὰς εὐθύνας εἰς τὸν μηχανοδηγὸν τῆς ἐμπορικῆς ἀμαξοστοιχίας, ὁ ὁποῖος δὲν ἐτήρησε τὰ σήματα. Ἡ σύγκρουσις ἔλαβε χώραν πλησίον τοῦ σταθμοῦ.

ΛΑΡΙΣΑ, 25. (Τοῦ ἀνταποκριτοῦ μας).— Ἡ ἐπιτροπὴ ἐρεύνης διὰ τὴν σύγκρουσιν τῶν ἀμαξοστοιχιῶν ἀπέδωσε τὰς εὐθύνας εἰς τὸν μηχανοδηγὸν τῆς ἐμπορικῆς ἀμαξοστοιχίας, ὁ ὁποῖος δὲν ἐτήρησε τὰ σήματα. Ἡ σύγκρουσις ἔλαβε χώραν πλησίον τοῦ σταθμοῦ.

ΛΑΡΙΣΑ, 25. (Τοῦ ἀνταποκριτοῦ μας).— Ἡ ἐπιτροπὴ ἐρεύνης διὰ τὴν σύγκρουσιν τῶν ἀμαξοστοιχιῶν ἀπέδωσε τὰς εὐθύνας εἰς τὸν μηχανοδηγὸν τῆς ἐμπορικῆς ἀμαξοστοιχίας, ὁ ὁποῖος δὲν ἐτήρησε τὰ σήματα. Ἡ σύγκρουσις ἔλαβε χώραν πλησίον τοῦ σταθμοῦ.

ΑΙ ΗΝΩΜ. ΠΟΛΙΤΕΙΑΙ ΔΙΑΨΕΥΔΟΥΝ ΟΤΙ ΑΝΕΜΙΧΘΗΣΑΝ ΕΙΣ ΤΗΝ ΕΠΟΔΟΝ ΚΑΤΑ ΣΥΝΟΙΚΙΑΣ ΤΗΣ ΚΟΥΒΑΣ

ΟΥΑΣΙΓΚΤΩΝ, 25. (Γιουνάϊτεντ).— Τὸ Στέητ Ντηπάρτμεντ διέψευσεν ὅτι αἱ Ἡνωμέναι Πολιτεῖαι ἀνεμίχθησαν εἰς τὴν ἐπίθεσιν κατὰ παραλιακῆς συνοικίας τῆς Ἀβάνας.

ΟΥΑΣΙΓΚΤΩΝ, 25. (Γιουνάϊτεντ).— Τὸ Στέητ Ντηπάρτμεντ διέψευσεν ὅτι αἱ Ἡνωμέναι Πολιτεῖαι ἀνεμίχθησαν εἰς τὴν ἐπίθεσιν κατὰ παραλιακῆς συνοικίας τῆς Ἀβάνας.

ΤΟ ΠΡΟΣΩΠΙΚΟΝ ΤΗΣ Η.Ε.Μ. ΔΙ΄ ΑΓΩΝΙΣΤΙΚΩΝ ΕΚΔΗΛΩΣΕΩΝ ΘΑ ΔΙΕΚΔΙΚΗΣΗ ΤΑ ΑΙΤΗΜΑΤΑ ΤΟΥ

Τὸ προσωπικὸν τῆς Ἡλεκτρικῆς Ἑταιρείας Μεταφορῶν ἀπεφάσισε νὰ προβῇ εἰς ἀγωνιστικὰς ἐκδηλώσεις ἐὰν δὲν ἱκανοποιηθοῦν τὰ αἰτήματά του.

Τὸ προσωπικὸν τῆς Ἡλεκτρικῆς Ἑταιρείας Μεταφορῶν ἀπεφάσισε νὰ προβῇ εἰς ἀγωνιστικὰς ἐκδηλώσεις ἐὰν δὲν ἱκανοποιηθοῦν τὰ αἰτήματά του.

Τὸ προσωπικὸν τῆς Ἡλεκτρικῆς Ἑταιρείας Μεταφορῶν ἀπεφάσισε νὰ προβῇ εἰς ἀγωνιστικὰς ἐκδηλώσεις ἐὰν δὲν ἱκανοποιηθοῦν τὰ αἰτήματά του.

ΕΠΤΑ ΝΕΑ ΜΟΝΟΜΕΛΗ ΠΛΗΜΜΕΛΕΙΟΔΙΚΕΙΑ ΘΑ ΛΕΙΤΟΥΡΓΗΣΟΥΝ ΕΙΣ ΠΡΟΑΣΤΙΑ ΤΩΝ ΑΘΗΝΩΝ

Διὰ διατάγματος ἱδρύονται ἑπτὰ νέα μονομελῆ πλημμελειοδικεῖα εἰς τὰ προάστια τῶν Ἀθηνῶν καὶ τοῦ Πειραιῶς.

Διὰ διατάγματος ἱδρύονται ἑπτὰ νέα μονομελῆ πλημμελειοδικεῖα εἰς τὰ προάστια τῶν Ἀθηνῶν καὶ τοῦ Πειραιῶς.

ΑΥΡΙΟΝ ΑΠΕΡΓΕΙ ΤΟ ΠΡΟΣΩΠΙΚΟΝ ΛΕΩΦΟΡΕΙΩΝ

Τὸ συνδικᾶτον τῶν ὁδηγῶν καὶ εἰσπρακτόρων λεωφορείων ἀπεφάσισε τὴν κήρυξιν ἀπεργίας διαρκείας ὀκτὼ ὡρῶν.

Τὸ συνδικᾶτον τῶν ὁδηγῶν καὶ εἰσπρακτόρων λεωφορείων ἀπεφάσισε τὴν κήρυξιν ἀπεργίας διαρκείας ὀκτὼ ὡρῶν.

ΔΕΚΑ ΤΡΑΥΜΑΤΙΑΙ ΑΠΟ ΤΡΟΧΟΦΟΡΑ ΕΝΤΟΣ 24ΩΡΟΥ

Κατὰ τὸ τελευταῖον εἰκοσιτετράωρον ἐτραυματίσθησαν δέκα ἄτομα εἰς διάφορα τροχαῖα δυστυχήματα ἐντὸς τῆς περιοχῆς Ἀθηνῶν—Πειραιῶς.

Κατὰ τὸ τελευταῖον εἰκοσιτετράωρον ἐτραυματίσθησαν δέκα ἄτομα εἰς διάφορα τροχαῖα δυστυχήματα ἐντὸς τῆς περιοχῆς Ἀθηνῶν—Πειραιῶς.

ΑΙΣΘΗΤΗ ΕΠΙΔΕΙΝΩΣΙΣ ΣΗΜΕΙΟΥΣΘΗ ΚΑΤΑΣΤΑΣΙΣ ΕΙΣ ΤΗΝ ΑΣΤΟΥΡΙΑΝ
ΑΠΕΡΓΟΥΝ 15 ΧΙΛΙΑΔΕΣ ΑΝΘΡΑΚΩΡΥΧΟΙ

ΜΑΔΡΙΤΗ, 25. (Γαλλ. Πρακτ.).— Ἡ κατάστασις εἰς τὴν Ἀστουρίαν ἐπεδεινώθη αἰσθητῶς. Δεκαπέντε χιλιάδες ἀνθρακωρύχοι εὑρίσκονται εἰς ἀπεργίαν ζητοῦντες αὐξήσεις ἡμερομισθίων.

ΜΑΔΡΙΤΗ, 25. (Γαλλ. Πρακτ.).— Ἡ κατάστασις εἰς τὴν Ἀστουρίαν ἐπεδεινώθη αἰσθητῶς. Δεκαπέντε χιλιάδες ἀνθρακωρύχοι εὑρίσκονται εἰς ἀπεργίαν ζητοῦντες αὐξήσεις ἡμερομισθίων.

Ἐντὸς βουλευτικῶν φακέλων ἐπιστολαὶ τοῦ ΟΑΣ ἐπιδοκιμάζουν τὴν ἀπόπειραν κατὰ τοῦ Ντὲ Γκώλ
ΕΝΙΣΧΥΕΤΑΙ Η ΑΠΟΨΙΣ ΠΕΡΙ ΥΠΑΡΞΕΩΣ «ΥΨΗΛΩΝ» ΣΥΝΕΝΟΧΩΝ

ΠΑΡΙΣΙΟΙ, 25. (Γαλλ. Πρακτ.).— Βουλευταὶ παρέλαβον ἐντὸς τῶν φακέλων των ἐπιστολὰς τῆς Ο.Α.Σ. διὰ τῶν ὁποίων ἐπιδοκιμάζεται ἡ ἀπόπειρα κατὰ τοῦ Προέδρου Ντὲ Γκώλ. Ἡ ἀστυνομία διεξάγει ἐρεύνας διὰ τὴν ἀνακάλυψιν τῶν ὑπευθύνων. Ἐνισχύεται ἡ ἄποψις ὅτι ὑπάρχουν ὑψηλοὶ συνένοχοι. Ὁ Πρόεδρος ἐπέστρεψεν εἰς τὰ Ἠλύσια.

ΠΑΡΙΣΙΟΙ, 25. (Γαλλ. Πρακτ.).— Βουλευταὶ παρέλαβον ἐντὸς τῶν φακέλων των ἐπιστολὰς τῆς Ο.Α.Σ. διὰ τῶν ὁποίων ἐπιδοκιμάζεται ἡ ἀπόπειρα κατὰ τοῦ Προέδρου Ντὲ Γκώλ. Ἡ ἀστυνομία διεξάγει ἐρεύνας διὰ τὴν ἀνακάλυψιν τῶν ὑπευθύνων. Ἐνισχύεται ἡ ἄποψις ὅτι ὑπάρχουν ὑψηλοὶ συνένοχοι. Ὁ Πρόεδρος ἐπέστρεψεν εἰς τὰ Ἠλύσια.

ΣΑΛΟΝ ΠΡΟΚΑΛΕΙ ΤΟ Ν)ΣΧΕΔΙΟΝ ΕΝΟΠΟΙΗΣΕΩΣ ΣΙΔΗΡΟΔΡΟΜΩΝ ΜΕΤΑΞΥ ΤΟΥ ΠΡΟΣΩΠΙΚΟΥ ΤΩΝ
ΥΠΟΒΑΛΛΕΤΑΙ ΚΥΒΕΡΝΗΤΙΚΗ ΤΡΟΠΟΛΟΓΙΑ

Ὁ Σύνδεσμος Σιδηροδρομικῶν διεμαρτυρήθη διὰ τὸ νομοσχέδιον περὶ ἑνοποιήσεως τῶν σιδηροδρόμων. Τὸ προσωπικὸν τῶν Σ.Ε.Κ. καὶ τῶν Σ.Π.Α.Π. ἐκφράζει ἀνησυχίας διὰ τὰ δικαιώματά του. Ἡ Κυβέρνησις θὰ καταθέσῃ τροπολογίαν.

ΟΙ ΑΥΤΟΚΙΝΗΤΙΣΤΑΙ

Ὁ Σύνδεσμος Σιδηροδρομικῶν διεμαρτυρήθη διὰ τὸ νομοσχέδιον περὶ ἑνοποιήσεως τῶν σιδηροδρόμων. Τὸ προσωπικὸν τῶν Σ.Ε.Κ. καὶ τῶν Σ.Π.Α.Π. ἐκφράζει ἀνησυχίας διὰ τὰ δικαιώματά του. Ἡ Κυβέρνησις θὰ καταθέσῃ τροπολογίαν.

ΤΙ ΖΗΤΟΥΝ ΟΙ ΣΠΑΠ

Ὁ Σύνδεσμος Σιδηροδρομικῶν διεμαρτυρήθη διὰ τὸ νομοσχέδιον περὶ ἑνοποιήσεως τῶν σιδηροδρόμων. Τὸ προσωπικὸν τῶν Σ.Ε.Κ. καὶ τῶν Σ.Π.Α.Π. ἐκφράζει ἀνησυχίας διὰ τὰ δικαιώματά του. Ἡ Κυβέρνησις θὰ καταθέσῃ τροπολογίαν.

Η ΚΥΒΕΡΝΗΣΙΣ ΚΑΤΑΘΕΤΕΙ ΤΡΟΠΟΛΟΓΙΑΝ ΕΙΣ Ν)ΣΧΕΔΙΟΝ

Ἡ Κυβέρνησις κατέθεσε τροπολογίαν εἰς τὸ νομοσχέδιον περὶ ἑνοποιήσεως διὰ τῆς ὁποίας διασφαλίζονται τὰ κεκτημένα δικαιώματα τοῦ προσωπικοῦ.

Ἡ Κυβέρνησις κατέθεσε τροπολογίαν εἰς τὸ νομοσχέδιον περὶ ἑνοποιήσεως διὰ τῆς ὁποίας διασφαλίζονται τὰ κεκτημένα δικαιώματα τοῦ προσωπικοῦ.

ΘΑ ΣΥΝΕΧΙΣΘΗ ΕΝΤΟΝΩΤΕΡΟΣ Ο ΑΓΩΝ ΤΩΝ ΦΟΙΤΗΤΩΝ ΜΕΧΡΙΣ ΑΚΥΡΩΣΕΩΣ ΤΟΥ ΦΑΣΙΣΤΙΚΟΥ Ν)ΣΧΕΔΙΟΥ ΤΗΣ ΚΥΒΕΡΝΗΣΕΩΣ ΠΕΡΙ ΑΝΩΤΑΤΩΝ ΙΔΡΥΜΑΤΩΝ

Ἡ Ἐπιτροπὴ Ἀγῶνος τῶν Φοιτητῶν ἀνεκοίνωσεν ὅτι ὁ ἀγὼν θὰ συνεχισθῇ ἐντονώτερος μέχρις ἀκυρώσεως τοῦ νομοσχεδίου.

Ἡ Ἐπιτροπὴ Ἀγῶνος τῶν Φοιτητῶν ἀνεκοίνωσεν ὅτι ὁ ἀγὼν θὰ συνεχισθῇ ἐντονώτερος μέχρις ἀκυρώσεως τοῦ νομοσχεδίου.

ΑΝΕΚΟΙΝΩΘΗ ΧΘΕΣ ΤΟ ΕΠΙΣΗΜΟΝ ΠΡΟΓΡΑΜΜΑ ΤΗΣ ΕΠΙΣΚΕΨΕΩΣ ΤΟΥ ΑΝΤΙΠΡΟΕΔΡΟΥ Κ. ΤΖΟΝΣΟΝ

Ἀνεκοινώθη τὸ πρόγραμμα τῆς ἐπισκέψεως τοῦ Ἀντιπροέδρου τῶν Ἡνωμένων Πολιτειῶν κ. Τζόνσον εἰς τὴν Ἑλλάδα. Θὰ ἀφιχθῇ τὴν 3ην Σεπτεμβρίου καὶ θὰ γίνῃ δεκτὸς ὑπὸ τοῦ Βασιλέως. Θὰ ἐπισκεφθῇ τὴν Θεσσαλονίκην καὶ τὴν Κέρκυραν.

Ἀνεκοινώθη τὸ πρόγραμμα τῆς ἐπισκέψεως τοῦ Ἀντιπροέδρου τῶν Ἡνωμένων Πολιτειῶν κ. Τζόνσον εἰς τὴν Ἑλλάδα. Θὰ ἀφιχθῇ τὴν 3ην Σεπτεμβρίου καὶ θὰ γίνῃ δεκτὸς ὑπὸ τοῦ Βασιλέως. Θὰ ἐπισκεφθῇ τὴν Θεσσαλονίκην καὶ τὴν Κέρκυραν.

Ἀνεκοινώθη τὸ πρόγραμμα τῆς ἐπισκέψεως τοῦ Ἀντιπροέδρου τῶν Ἡνωμένων Πολιτειῶν κ. Τζόνσον εἰς τὴν Ἑλλάδα. Θὰ ἀφιχθῇ τὴν 3ην Σεπτεμβρίου καὶ θὰ γίνῃ δεκτὸς ὑπὸ τοῦ Βασιλέως. Θὰ ἐπισκεφθῇ τὴν Θεσσαλονίκην καὶ τὴν Κέρκυραν.

ΒΡΕΤΑΝΝΟΙ ΑΛΕΞΙΠΤΩΤΙΣΤΑΙ ΕΡΡΙΦΘΗΣΑΝ ΧΘΕΣ ΑΠΟ ΑΕΡΟΠΛΑΝΩΝ ΕΙΣ ΧΩΡΙΟΝ ΠΑΡΑ ΤΟΝ ΒΟΛΟΝ

ΒΟΛΟΣ, 25. (Τοῦ ἀνταποκριτοῦ μας).— Βρεταννοὶ ἀλεξιπτωτισταὶ ἐρρίφθησαν ἀπὸ ἀεροπλάνων εἰς χωρίον πλησίον τῆς πόλεως κατὰ τὴν διάρκειαν ἀσκήσεων τοῦ ΝΑΤΟ.

ΒΟΛΟΣ, 25. (Τοῦ ἀνταποκριτοῦ μας).— Βρεταννοὶ ἀλεξιπτωτισταὶ ἐρρίφθησαν ἀπὸ ἀεροπλάνων εἰς χωρίον πλησίον τῆς πόλεως κατὰ τὴν διάρκειαν ἀσκήσεων τοῦ ΝΑΤΟ.

ΑΥΞΩΝ ΚΥΩΝ ΠΡΟΚΑΛΕΙ ΠΑΝΙΚΟΝ ΕΙΣ ΚΟΖΑΝΗΝ
ΕΔΗΞΕΝ ΕΞ ΑΤΟΜΑ

ΚΟΖΑΝΗ, 25.— Λυσσασμένος κύων ἔδηξεν ἓξ ἄτομα. ΘΕΣΣΑΛΟΝΙΚΗ, 25.— Ταχυδρομικὸς διανομεὺς κατηγορεῖται ὅτι ἐξηπάτησε πολίτας. ΕΛΛΙΝΓΚΕΝ, 25.— Ἀνεκαλύφθη σκελετὸς δεινοσαύρου. ΘΕΣΣΑΛΟΝΙΚΗ, 25.— Ἀφίκετο ἐνταῦθα Τοῦρκος στρατηγός.

ΤΑΧΥΔΡΟΜΙΚΟΣ ΔΙΑΝΟΜΕΥΣ ΚΑΤΗΓΟΡΕΙΤΑΙ ΟΤΙ ΕΞΗΠΑΤΗΣΕ ΕΙΣ ΣΥΝΑΛΛΑΓΜΑ

ΚΟΖΑΝΗ, 25.— Λυσσασμένος κύων ἔδηξεν ἓξ ἄτομα. ΘΕΣΣΑΛΟΝΙΚΗ, 25.— Ταχυδρομικὸς διανομεὺς κατηγορεῖται ὅτι ἐξηπάτησε πολίτας. ΕΛΛΙΝΓΚΕΝ, 25.— Ἀνεκαλύφθη σκελετὸς δεινοσαύρου. ΘΕΣΣΑΛΟΝΙΚΗ, 25.— Ἀφίκετο ἐνταῦθα Τοῦρκος στρατηγός.

ΣΚΕΛΕΤΟΣ ΔΕΙΝΟΣΑΥΡΟΥ ΑΝΕΚΑΛΥΦΘΗ ΕΙΣ ΓΕΡΜΑΝΙΑΝ

ΚΟΖΑΝΗ, 25.— Λυσσασμένος κύων ἔδηξεν ἓξ ἄτομα. ΘΕΣΣΑΛΟΝΙΚΗ, 25.— Ταχυδρομικὸς διανομεὺς κατηγορεῖται ὅτι ἐξηπάτησε πολίτας. ΕΛΛΙΝΓΚΕΝ, 25.— Ἀνεκαλύφθη σκελετὸς δεινοσαύρου. ΘΕΣΣΑΛΟΝΙΚΗ, 25.— Ἀφίκετο ἐνταῦθα Τοῦρκος στρατηγός.

ΤΟΥΡΚΟΣ ΣΤΡΑΤΗΓΟΣ ΑΦΙΚΕΤΟ ΕΙΣ ΘΕΣΣΑΛΟΝΙΚΗΝ

ΚΟΖΑΝΗ, 25.— Λυσσασμένος κύων ἔδηξεν ἓξ ἄτομα. ΘΕΣΣΑΛΟΝΙΚΗ, 25.— Ταχυδρομικὸς διανομεὺς κατηγορεῖται ὅτι ἐξηπάτησε πολίτας. ΕΛΛΙΝΓΚΕΝ, 25.— Ἀνεκαλύφθη σκελετὸς δεινοσαύρου. ΘΕΣΣΑΛΟΝΙΚΗ, 25.— Ἀφίκετο ἐνταῦθα Τοῦρκος στρατηγός.
